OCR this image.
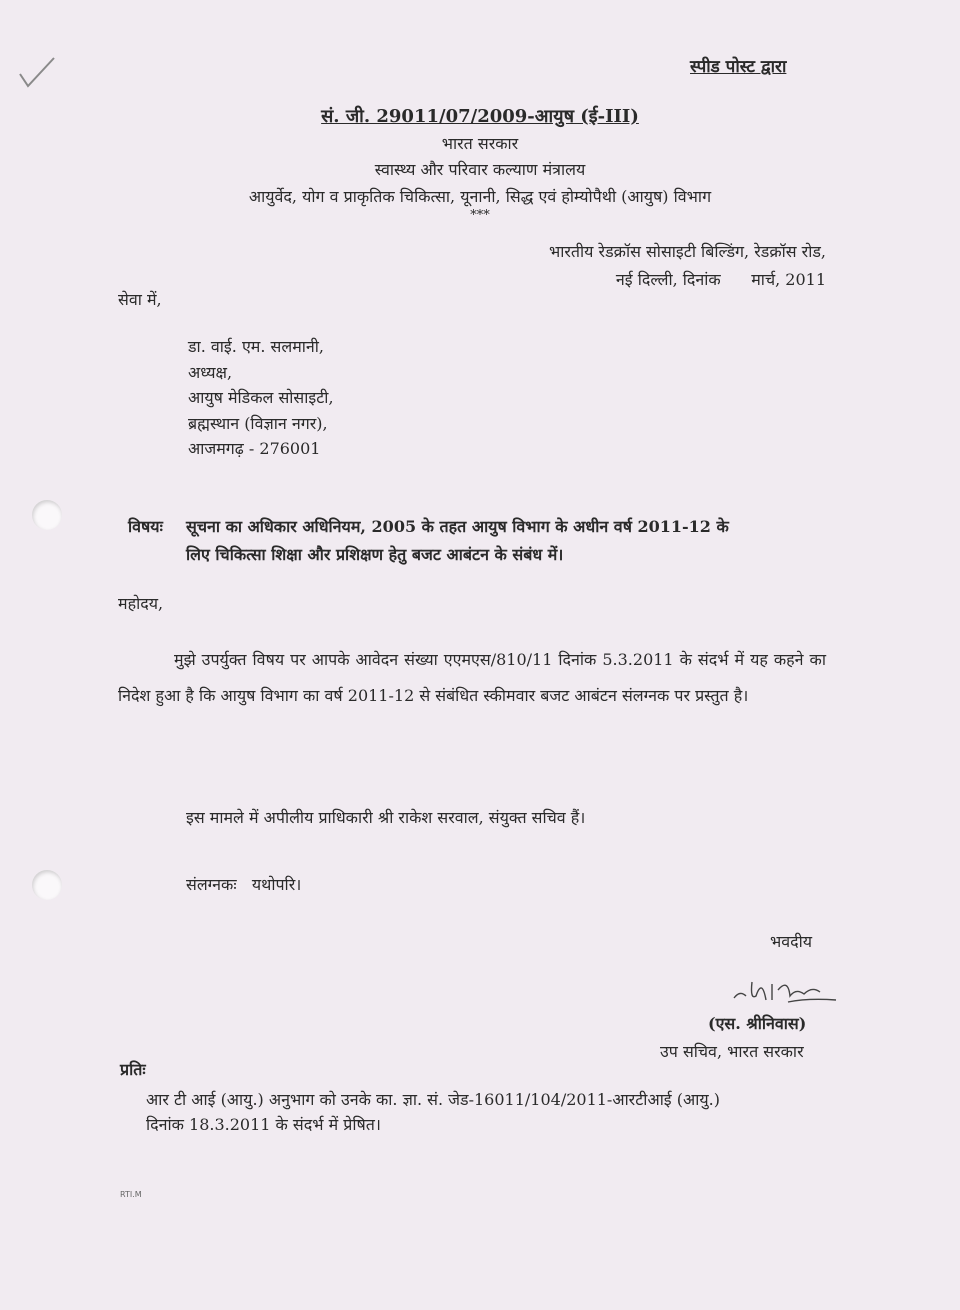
स्पीड पोस्ट द्वारा
सं. जी. 29011/07/2009-आयुष (ई-III)
भारत सरकार
स्वास्थ्य और परिवार कल्याण मंत्रालय
आयुर्वेद, योग व प्राकृतिक चिकित्सा, यूनानी, सिद्ध एवं होम्योपैथी (आयुष) विभाग
***
भारतीय रेडक्रॉस सोसाइटी बिल्डिंग, रेडक्रॉस रोड,
नई दिल्ली, दिनांक      मार्च, 2011
सेवा में,
डा. वाई. एम. सलमानी,
अध्यक्ष,
आयुष मेडिकल सोसाइटी,
ब्रह्मस्थान (विज्ञान नगर),
आजमगढ़ - 276001
विषयः सूचना का अधिकार अधिनियम, 2005 के तहत आयुष विभाग के अधीन वर्ष 2011-12 के
लिए चिकित्सा शिक्षा और प्रशिक्षण हेतु बजट आबंटन के संबंध में।
महोदय,
मुझे उपर्युक्त विषय पर आपके आवेदन संख्या एएमएस/810/11 दिनांक 5.3.2011 के संदर्भ में यह कहने का निदेश हुआ है कि आयुष विभाग का वर्ष 2011-12 से संबंधित स्कीमवार बजट आबंटन संलग्नक पर प्रस्तुत है।
इस मामले में अपीलीय प्राधिकारी श्री राकेश सरवाल, संयुक्त सचिव हैं।
संलग्नकः   यथोपरि।
भवदीय
(एस. श्रीनिवास)
उप सचिव, भारत सरकार
प्रतिः
आर टी आई (आयु.) अनुभाग को उनके का. ज्ञा. सं. जेड-16011/104/2011-आरटीआई (आयु.)
दिनांक 18.3.2011 के संदर्भ में प्रेषित।
RTI.M
